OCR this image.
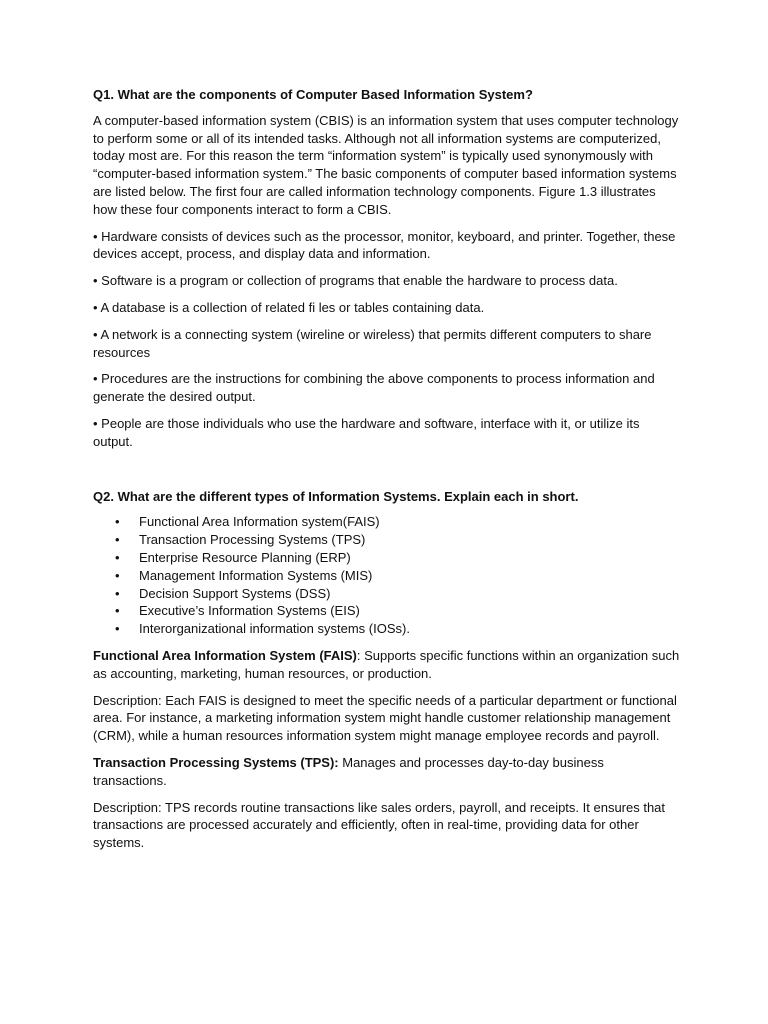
Q1. What are the components of Computer Based Information System?

A computer-based information system (CBIS) is an information system that uses computer technology to perform some or all of its intended tasks. Although not all information systems are computerized, today most are. For this reason the term “information system” is typically used synonymously with “computer-based information system.” The basic components of computer based information systems are listed below. The first four are called information technology components. Figure 1.3 illustrates how these four components interact to form a CBIS.

• Hardware consists of devices such as the processor, monitor, keyboard, and printer. Together, these devices accept, process, and display data and information.

• Software is a program or collection of programs that enable the hardware to process data.

• A database is a collection of related fi les or tables containing data.

• A network is a connecting system (wireline or wireless) that permits different computers to share resources

• Procedures are the instructions for combining the above components to process information and generate the desired output.

• People are those individuals who use the hardware and software, interface with it, or utilize its output.

Q2. What are the different types of Information Systems. Explain each in short.

• Functional Area Information system(FAIS)
• Transaction Processing Systems (TPS)
• Enterprise Resource Planning (ERP)
• Management Information Systems (MIS)
• Decision Support Systems (DSS)
• Executive’s Information Systems (EIS)
• Interorganizational information systems (IOSs).

Functional Area Information System (FAIS): Supports specific functions within an organization such as accounting, marketing, human resources, or production.

Description: Each FAIS is designed to meet the specific needs of a particular department or functional area. For instance, a marketing information system might handle customer relationship management (CRM), while a human resources information system might manage employee records and payroll.

Transaction Processing Systems (TPS): Manages and processes day-to-day business transactions.

Description: TPS records routine transactions like sales orders, payroll, and receipts. It ensures that transactions are processed accurately and efficiently, often in real-time, providing data for other systems.
